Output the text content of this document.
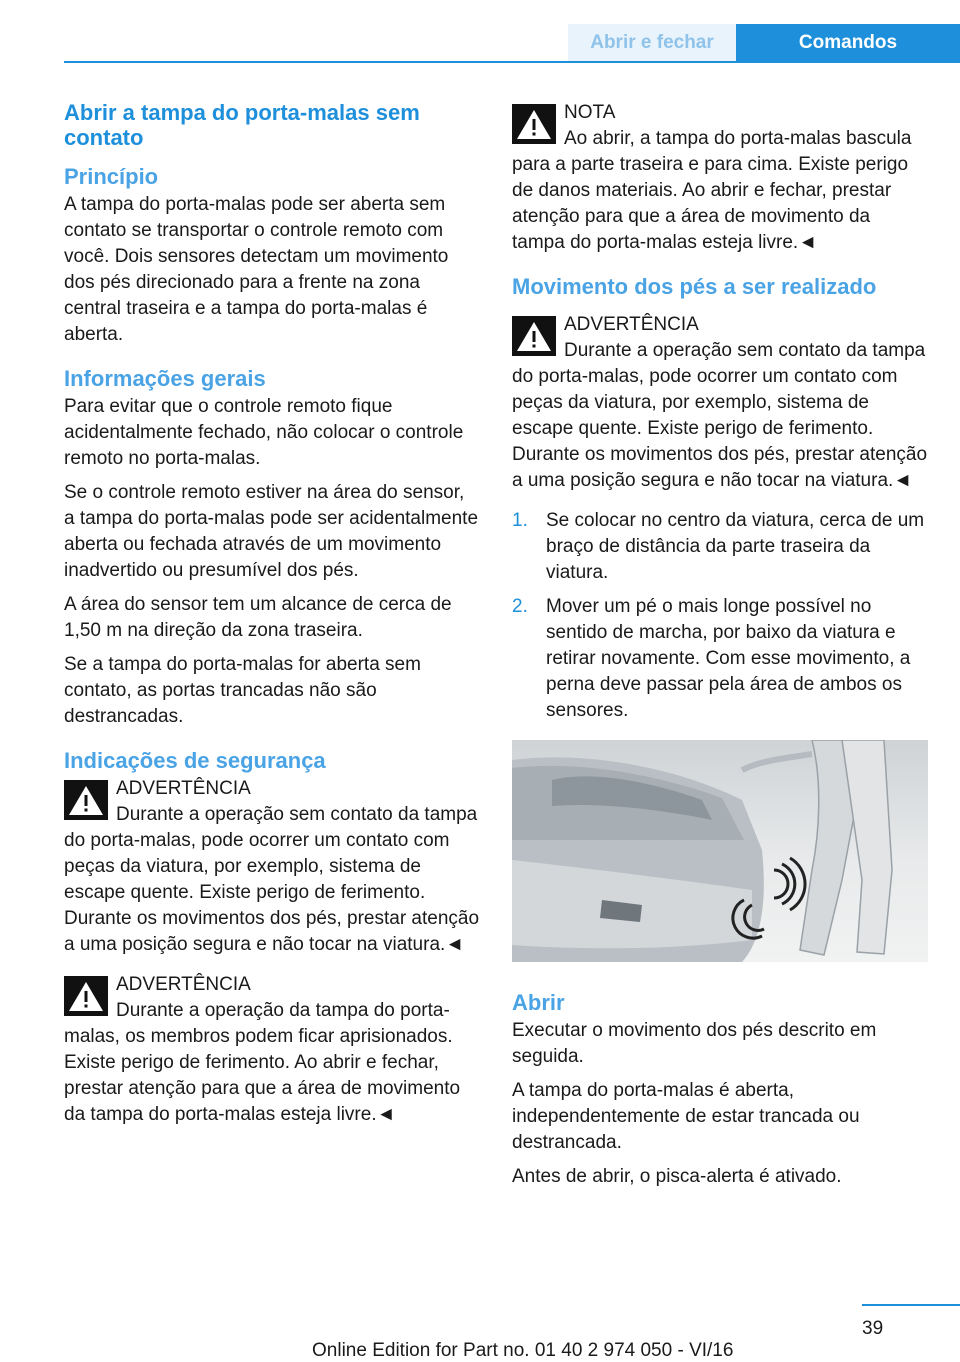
Abrir e fechar	Comandos
Abrir a tampa do porta-malas sem contato
Princípio

A tampa do porta-malas pode ser aberta sem contato se transportar o controle remoto com você. Dois sensores detectam um movimento dos pés direcionado para a frente na zona central traseira e a tampa do porta-malas é aberta.

Informações gerais

Para evitar que o controle remoto fique acidentalmente fechado, não colocar o controle remoto no porta-malas.

Se o controle remoto estiver na área do sensor, a tampa do porta-malas pode ser acidentalmente aberta ou fechada através de um movimento inadvertido ou presumível dos pés.

A área do sensor tem um alcance de cerca de 1,50 m na direção da zona traseira.

Se a tampa do porta-malas for aberta sem contato, as portas trancadas não são destrancadas.

Indicações de segurança
ADVERTÊNCIA

Durante a operação sem contato da tampa do porta-malas, pode ocorrer um contato com peças da viatura, por exemplo, sistema de escape quente. Existe perigo de ferimento. Durante os movimentos dos pés, prestar atenção a uma posição segura e não tocar na viatura.◄

ADVERTÊNCIA

Durante a operação da tampa do porta-malas, os membros podem ficar aprisionados. Existe perigo de ferimento. Ao abrir e fechar, prestar atenção para que a área de movimento da tampa do porta-malas esteja livre.◄

NOTA

Ao abrir, a tampa do porta-malas bascula para a parte traseira e para cima. Existe perigo de danos materiais. Ao abrir e fechar, prestar atenção para que a área de movimento da tampa do porta-malas esteja livre.◄

Movimento dos pés a ser realizado
ADVERTÊNCIA

Durante a operação sem contato da tampa do porta-malas, pode ocorrer um contato com peças da viatura, por exemplo, sistema de escape quente. Existe perigo de ferimento. Durante os movimentos dos pés, prestar atenção a uma posição segura e não tocar na viatura.◄

1. Se colocar no centro da viatura, cerca de um braço de distância da parte traseira da viatura.
2. Mover um pé o mais longe possível no sentido de marcha, por baixo da viatura e retirar novamente. Com esse movimento, a perna deve passar pela área de ambos os sensores.
Abrir

Executar o movimento dos pés descrito em seguida.

A tampa do porta-malas é aberta, independentemente de estar trancada ou destrancada.

Antes de abrir, o pisca-alerta é ativado.

39
Online Edition for Part no. 01 40 2 974 050 - VI/16
